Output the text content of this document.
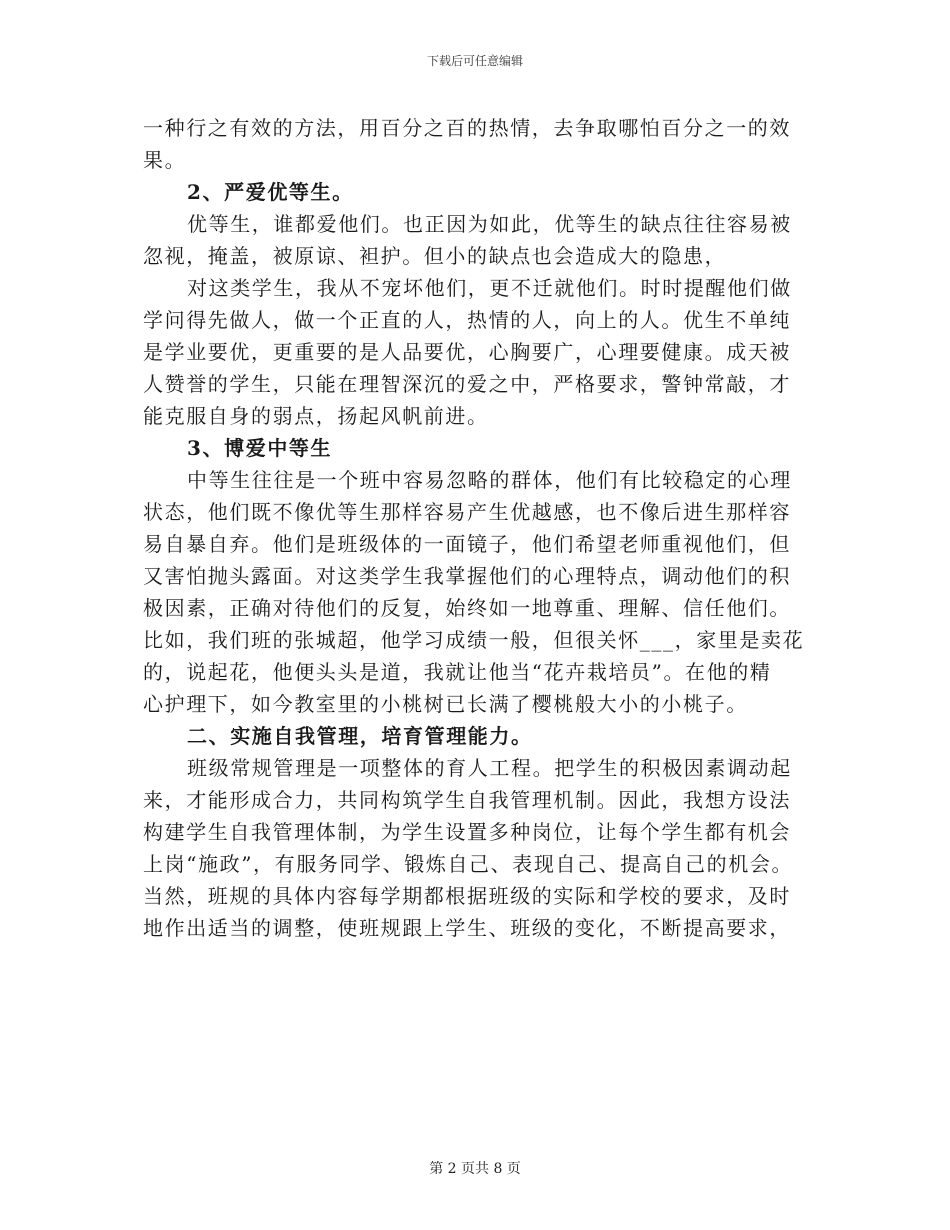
下载后可任意编辑
一种行之有效的方法，用百分之百的热情，去争取哪怕百分之一的效
果。
2、严爱优等生。
优等生，谁都爱他们。也正因为如此，优等生的缺点往往容易被
忽视，掩盖，被原谅、袒护。但小的缺点也会造成大的隐患，
对这类学生，我从不宠坏他们，更不迁就他们。时时提醒他们做
学问得先做人，做一个正直的人，热情的人，向上的人。优生不单纯
是学业要优，更重要的是人品要优，心胸要广，心理要健康。成天被
人赞誉的学生，只能在理智深沉的爱之中，严格要求，警钟常敲，才
能克服自身的弱点，扬起风帆前进。
3、博爱中等生
中等生往往是一个班中容易忽略的群体，他们有比较稳定的心理
状态，他们既不像优等生那样容易产生优越感，也不像后进生那样容
易自暴自弃。他们是班级体的一面镜子，他们希望老师重视他们，但
又害怕抛头露面。对这类学生我掌握他们的心理特点，调动他们的积
极因素，正确对待他们的反复，始终如一地尊重、理解、信任他们。
比如，我们班的张城超，他学习成绩一般，但很关怀___，家里是卖花
的，说起花，他便头头是道，我就让他当“花卉栽培员”。在他的精
心护理下，如今教室里的小桃树已长满了樱桃般大小的小桃子。
二、实施自我管理，培育管理能力。
班级常规管理是一项整体的育人工程。把学生的积极因素调动起
来，才能形成合力，共同构筑学生自我管理机制。因此，我想方设法
构建学生自我管理体制，为学生设置多种岗位，让每个学生都有机会
上岗“施政”，有服务同学、锻炼自己、表现自己、提高自己的机会。
当然，班规的具体内容每学期都根据班级的实际和学校的要求，及时
地作出适当的调整，使班规跟上学生、班级的变化，不断提高要求，
第 2 页共 8 页
